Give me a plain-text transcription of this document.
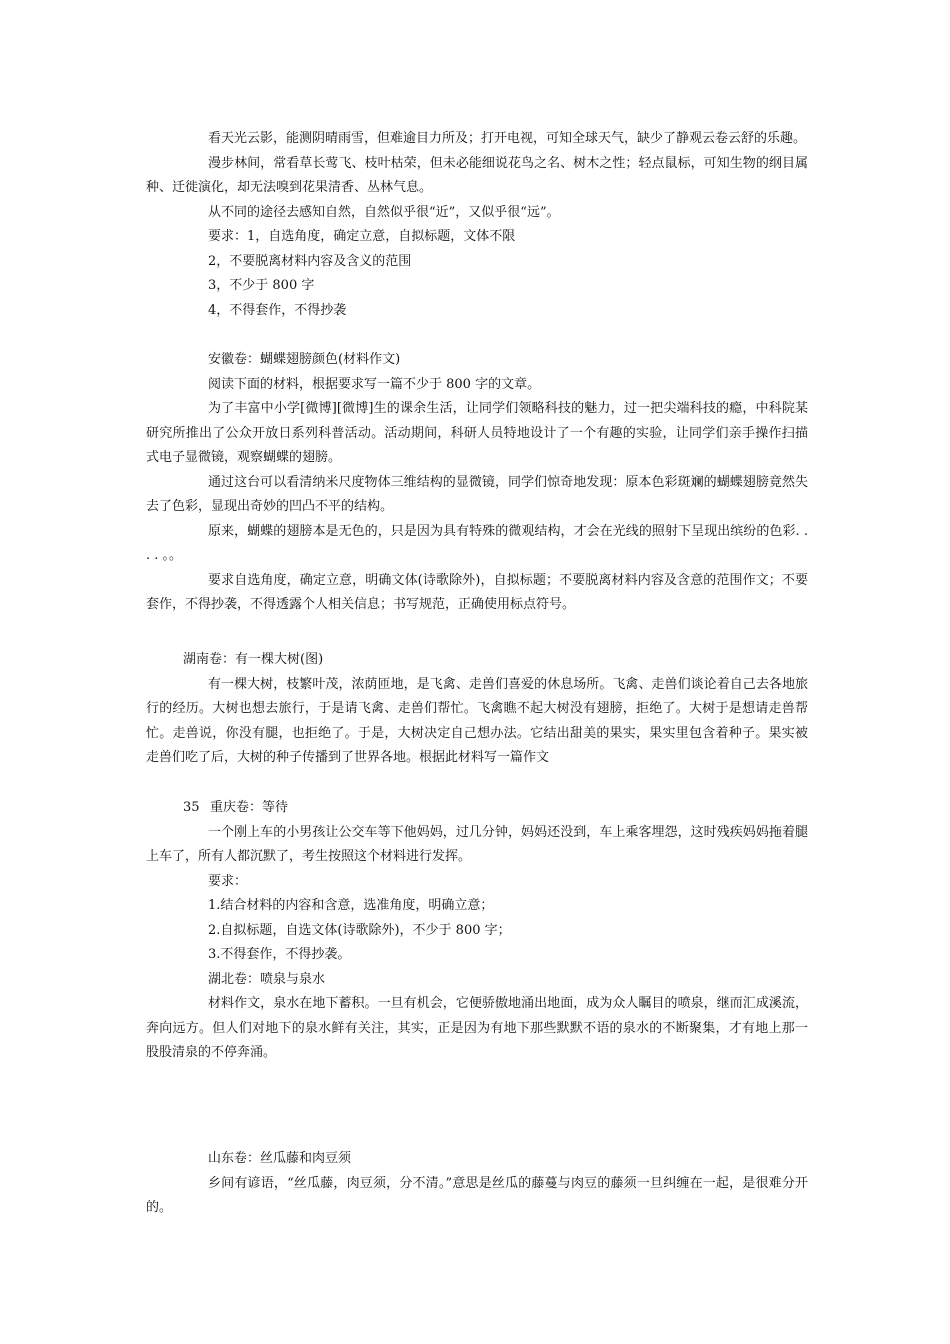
看天光云影，能测阴晴雨雪，但难逾目力所及；打开电视，可知全球天气，缺少了静观云卷云舒的乐趣。

漫步林间，常看草长莺飞、枝叶枯荣，但未必能细说花鸟之名、树木之性；轻点鼠标，可知生物的纲目属种、迁徙演化，却无法嗅到花果清香、丛林气息。

从不同的途径去感知自然，自然似乎很“近”，又似乎很“远”。

要求：1，自选角度，确定立意，自拟标题，文体不限

2，不要脱离材料内容及含义的范围

3，不少于 800 字

4，不得套作，不得抄袭

安徽卷：蝴蝶翅膀颜色(材料作文)

阅读下面的材料，根据要求写一篇不少于 800 字的文章。

为了丰富中小学[微博][微博]生的课余生活，让同学们领略科技的魅力，过一把尖端科技的瘾，中科院某研究所推出了公众开放日系列科普活动。活动期间，科研人员特地设计了一个有趣的实验，让同学们亲手操作扫描式电子显微镜，观察蝴蝶的翅膀。

通过这台可以看清纳米尺度物体三维结构的显微镜，同学们惊奇地发现：原本色彩斑斓的蝴蝶翅膀竟然失去了色彩，显现出奇妙的凹凸不平的结构。

原来，蝴蝶的翅膀本是无色的，只是因为具有特殊的微观结构，才会在光线的照射下呈现出缤纷的色彩. . . . 。。

要求自选角度，确定立意，明确文体(诗歌除外)，自拟标题；不要脱离材料内容及含意的范围作文；不要套作，不得抄袭，不得透露个人相关信息；书写规范，正确使用标点符号。

湖南卷：有一棵大树(图)

有一棵大树，枝繁叶茂，浓荫匝地，是飞禽、走兽们喜爱的休息场所。飞禽、走兽们谈论着自己去各地旅行的经历。大树也想去旅行，于是请飞禽、走兽们帮忙。飞禽瞧不起大树没有翅膀，拒绝了。大树于是想请走兽帮忙。走兽说，你没有腿，也拒绝了。于是，大树决定自己想办法。它结出甜美的果实，果实里包含着种子。果实被走兽们吃了后，大树的种子传播到了世界各地。根据此材料写一篇作文

35 重庆卷：等待

一个刚上车的小男孩让公交车等下他妈妈，过几分钟，妈妈还没到，车上乘客埋怨，这时残疾妈妈拖着腿上车了，所有人都沉默了，考生按照这个材料进行发挥。

要求：

1.结合材料的内容和含意，选准角度，明确立意；

2.自拟标题，自选文体(诗歌除外)，不少于 800 字；

3.不得套作，不得抄袭。

湖北卷：喷泉与泉水

材料作文，泉水在地下蓄积。一旦有机会，它便骄傲地涌出地面，成为众人瞩目的喷泉，继而汇成溪流，奔向远方。但人们对地下的泉水鲜有关注，其实，正是因为有地下那些默默不语的泉水的不断聚集，才有地上那一股股清泉的不停奔涌。

山东卷：丝瓜藤和肉豆须

乡间有谚语，“丝瓜藤，肉豆须，分不清。”意思是丝瓜的藤蔓与肉豆的藤须一旦纠缠在一起，是很难分开的。
